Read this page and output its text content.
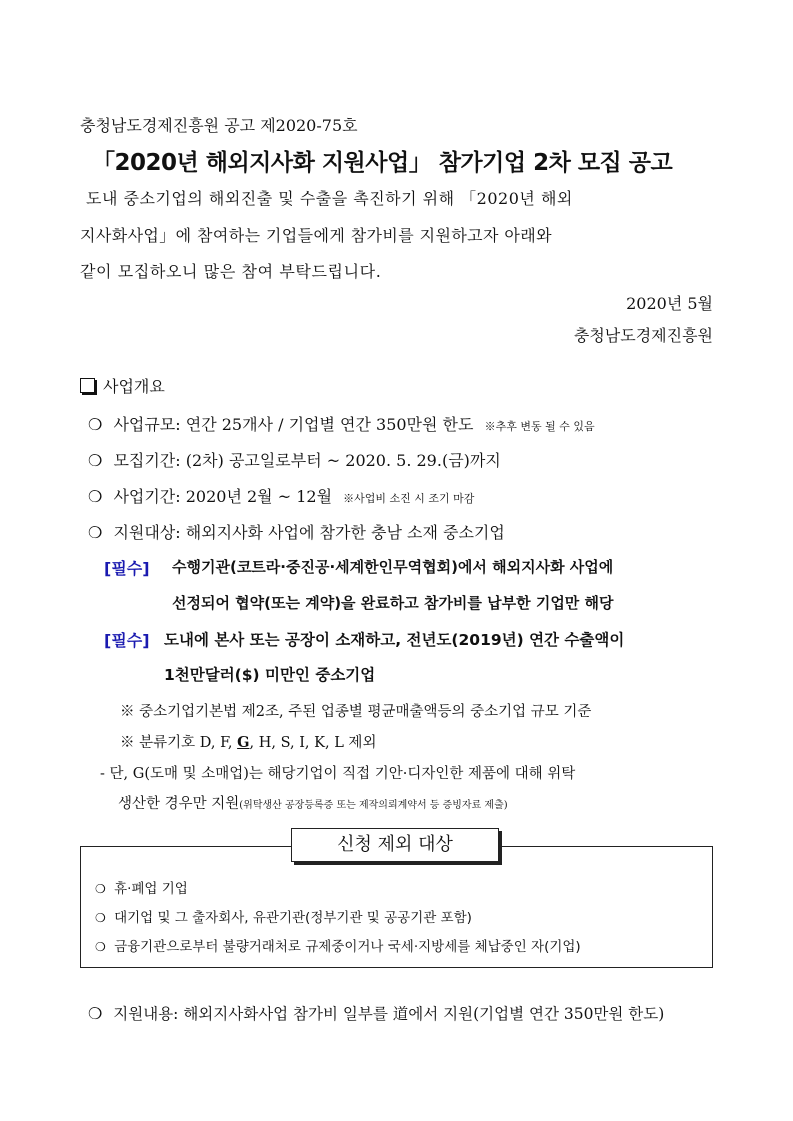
충청남도경제진흥원 공고 제2020-75호
「2020년 해외지사화 지원사업」 참가기업 2차 모집 공고
도내 중소기업의 해외진출 및 수출을 촉진하기 위해 「2020년 해외
지사화사업」에 참여하는 기업들에게 참가비를 지원하고자 아래와
같이 모집하오니 많은 참여 부탁드립니다.
2020년 5월
충청남도경제진흥원
사업개요
❍ 사업규모: 연간 25개사 / 기업별 연간 350만원 한도 ※추후 변동 될 수 있음
❍ 모집기간: (2차) 공고일로부터 ~ 2020. 5. 29.(금)까지
❍ 사업기간: 2020년 2월 ~ 12월 ※사업비 소진 시 조기 마감
❍ 지원대상: 해외지사화 사업에 참가한 충남 소재 중소기업
[필수] 수행기관(코트라·중진공·세계한인무역협회)에서 해외지사화 사업에
선정되어 협약(또는 계약)을 완료하고 참가비를 납부한 기업만 해당
[필수] 도내에 본사 또는 공장이 소재하고, 전년도(2019년) 연간 수출액이
1천만달러($) 미만인 중소기업
※ 중소기업기본법 제2조, 주된 업종별 평균매출액등의 중소기업 규모 기준
※ 분류기호 D, F, G, H, S, I, K, L 제외
- 단, G(도매 및 소매업)는 해당기업이 직접 기안·디자인한 제품에 대해 위탁
생산한 경우만 지원(위탁생산 공장등록증 또는 제작의뢰계약서 등 증빙자료 제출)
❍ 휴·폐업 기업
❍ 대기업 및 그 출자회사, 유관기관(정부기관 및 공공기관 포함)
❍ 금융기관으로부터 불량거래처로 규제중이거나 국세·지방세를 체납중인 자(기업)
신청 제외 대상
❍ 지원내용: 해외지사화사업 참가비 일부를 道에서 지원(기업별 연간 350만원 한도)
